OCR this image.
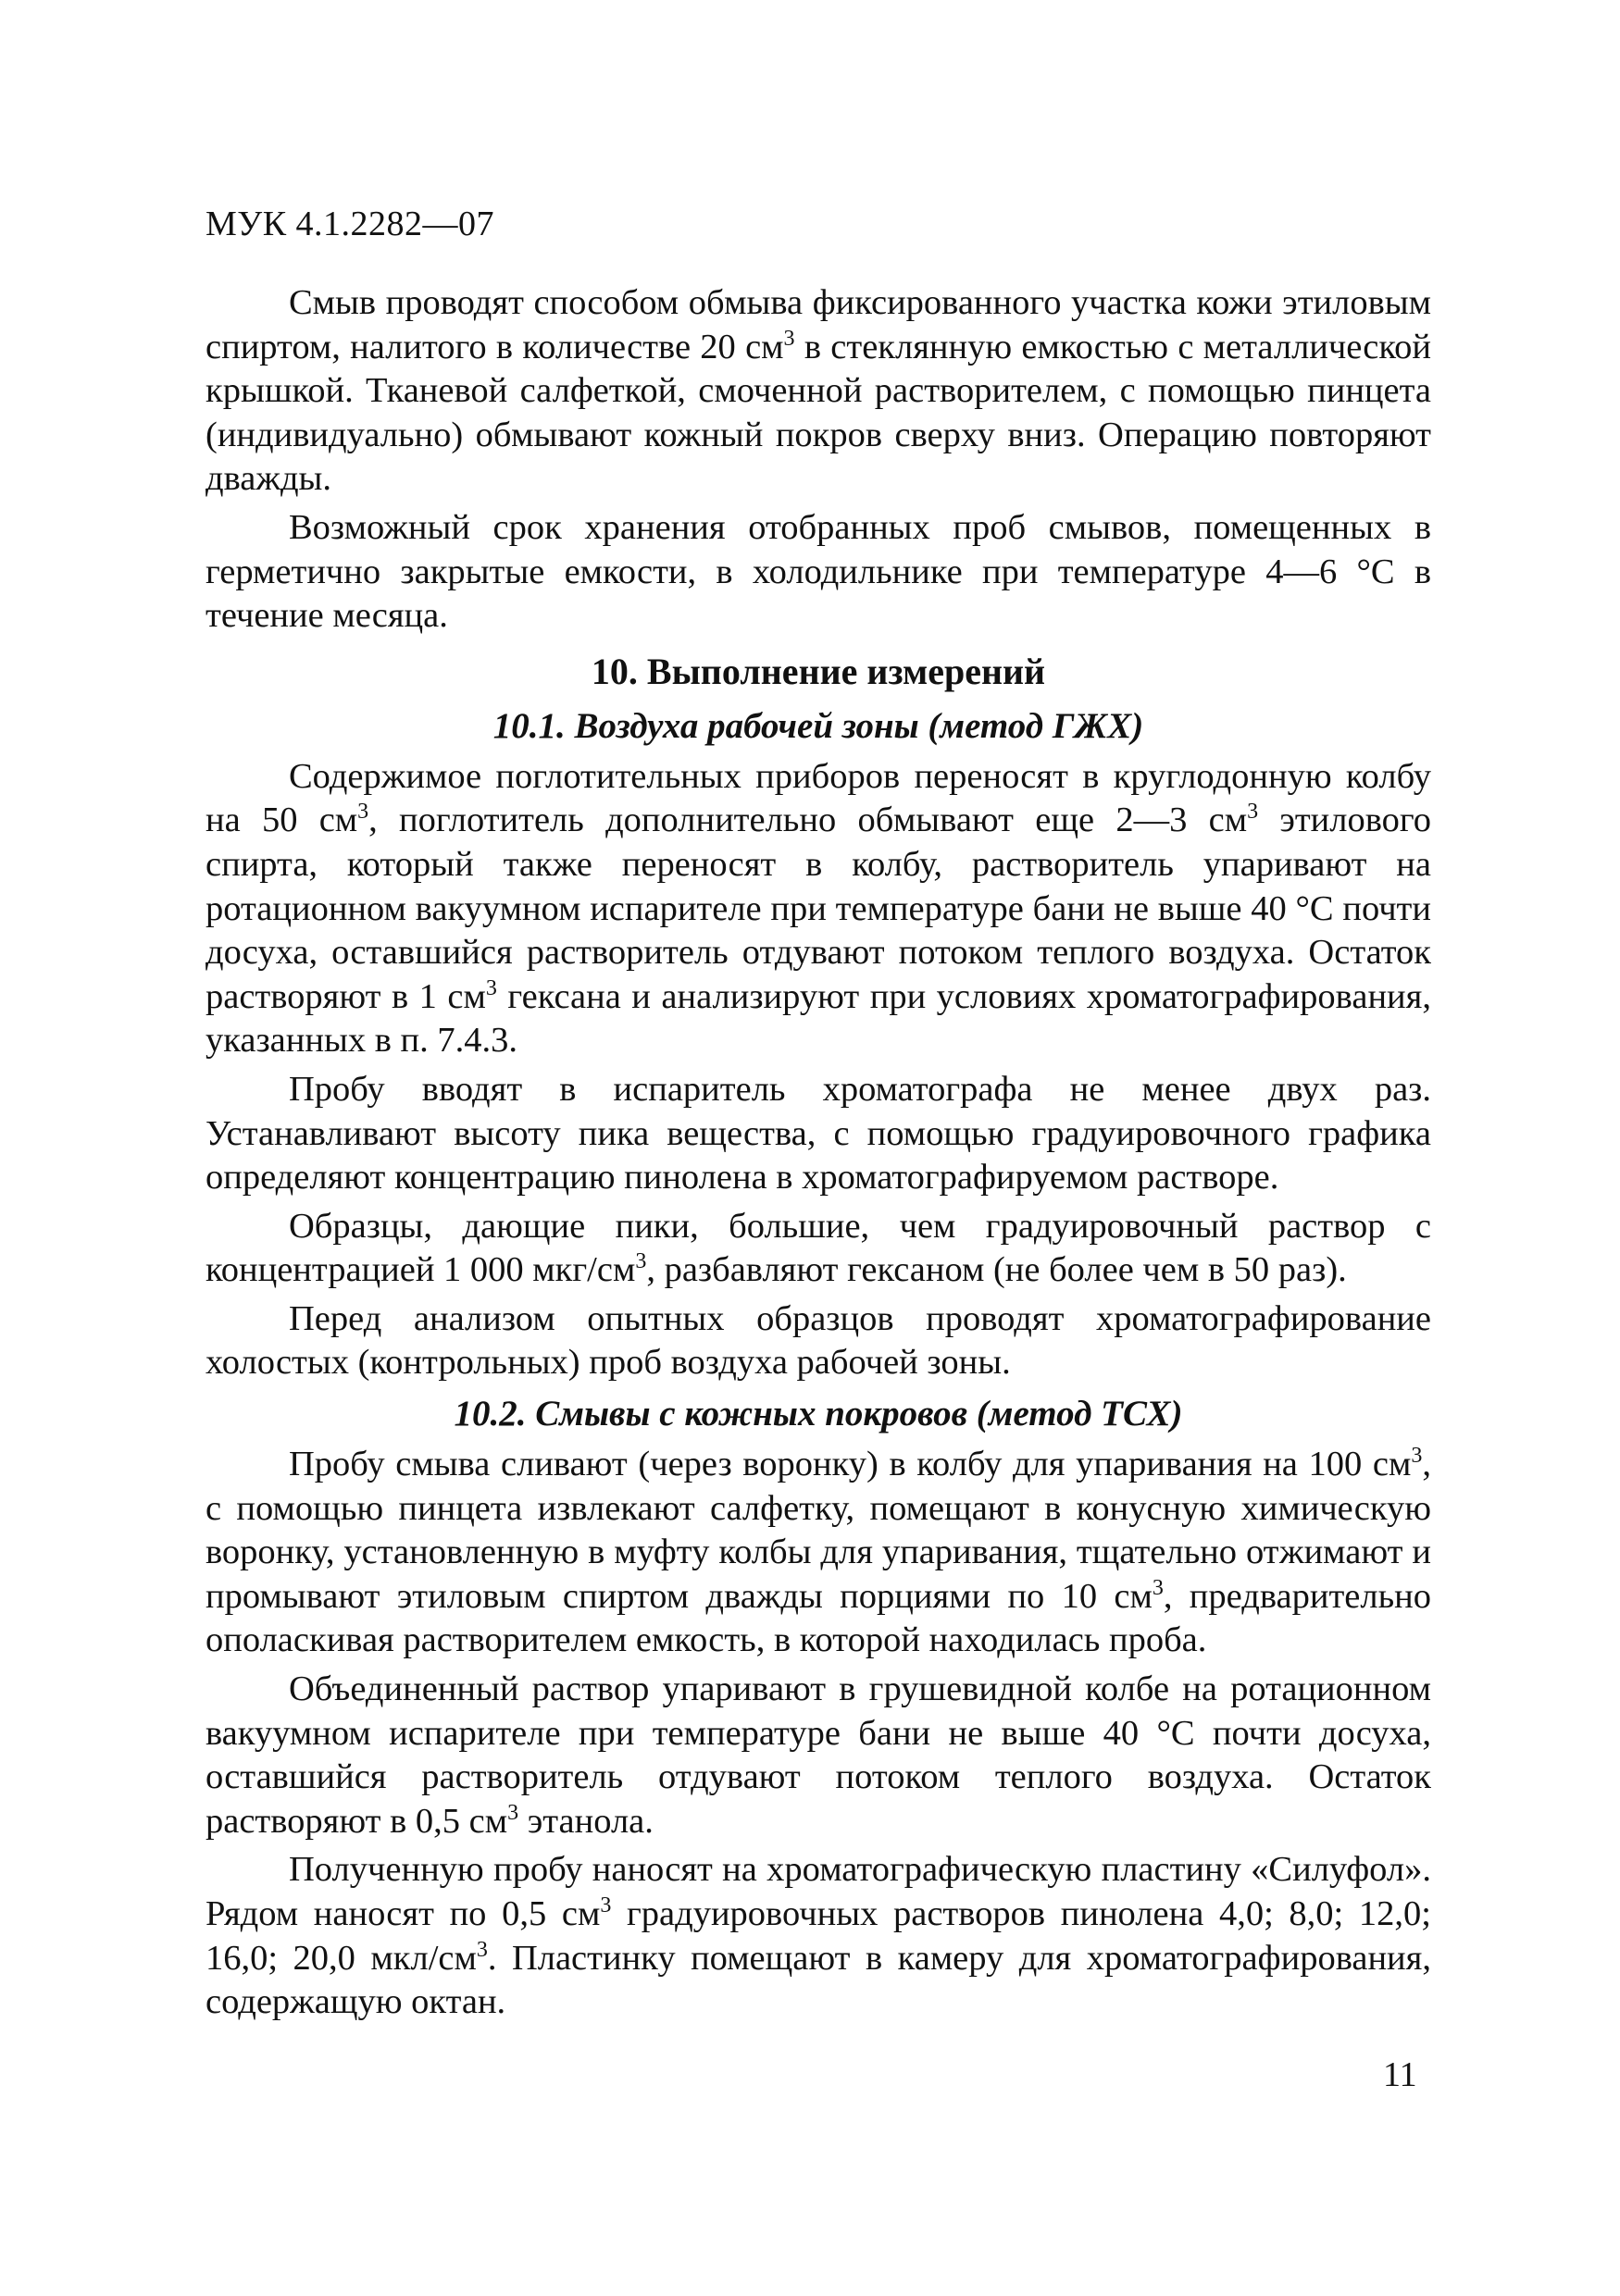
МУК 4.1.2282—07

Смыв проводят способом обмыва фиксированного участка кожи этиловым спиртом, налитого в количестве 20 $см^3$ в стеклянную емкостью с металлической крышкой. Тканевой салфеткой, смоченной растворителем, с помощью пинцета (индивидуально) обмывают кожный покров сверху вниз. Операцию повторяют дважды.

Возможный срок хранения отобранных проб смывов, помещенных в герметично закрытые емкости, в холодильнике при температуре 4—6 °С в течение месяца.

10. Выполнение измерений
10.1. Воздуха рабочей зоны (метод ГЖХ)

Содержимое поглотительных приборов переносят в круглодонную колбу на 50 $см^3$, поглотитель дополнительно обмывают еще 2—3 $см^3$ этилового спирта, который также переносят в колбу, растворитель упаривают на ротационном вакуумном испарителе при температуре бани не выше 40 °С почти досуха, оставшийся растворитель отдувают потоком теплого воздуха. Остаток растворяют в 1 $см^3$ гексана и анализируют при условиях хроматографирования, указанных в п. 7.4.3.

Пробу вводят в испаритель хроматографа не менее двух раз. Устанавливают высоту пика вещества, с помощью градуировочного графика определяют концентрацию пинолена в хроматографируемом растворе.

Образцы, дающие пики, большие, чем градуировочный раствор с концентрацией 1 000 мкг/$см^3$, разбавляют гексаном (не более чем в 50 раз).

Перед анализом опытных образцов проводят хроматографирование холостых (контрольных) проб воздуха рабочей зоны.

10.2. Смывы с кожных покровов (метод ТСХ)

Пробу смыва сливают (через воронку) в колбу для упаривания на 100 $см^3$, с помощью пинцета извлекают салфетку, помещают в конусную химическую воронку, установленную в муфту колбы для упаривания, тщательно отжимают и промывают этиловым спиртом дважды порциями по 10 $см^3$, предварительно ополаскивая растворителем емкость, в которой находилась проба.

Объединенный раствор упаривают в грушевидной колбе на ротационном вакуумном испарителе при температуре бани не выше 40 °С почти досуха, оставшийся растворитель отдувают потоком теплого воздуха. Остаток растворяют в 0,5 $см^3$ этанола.

Полученную пробу наносят на хроматографическую пластину «Силуфол». Рядом наносят по 0,5 $см^3$ градуировочных растворов пинолена 4,0; 8,0; 12,0; 16,0; 20,0 мкл/$см^3$. Пластинку помещают в камеру для хроматографирования, содержащую октан.

11
